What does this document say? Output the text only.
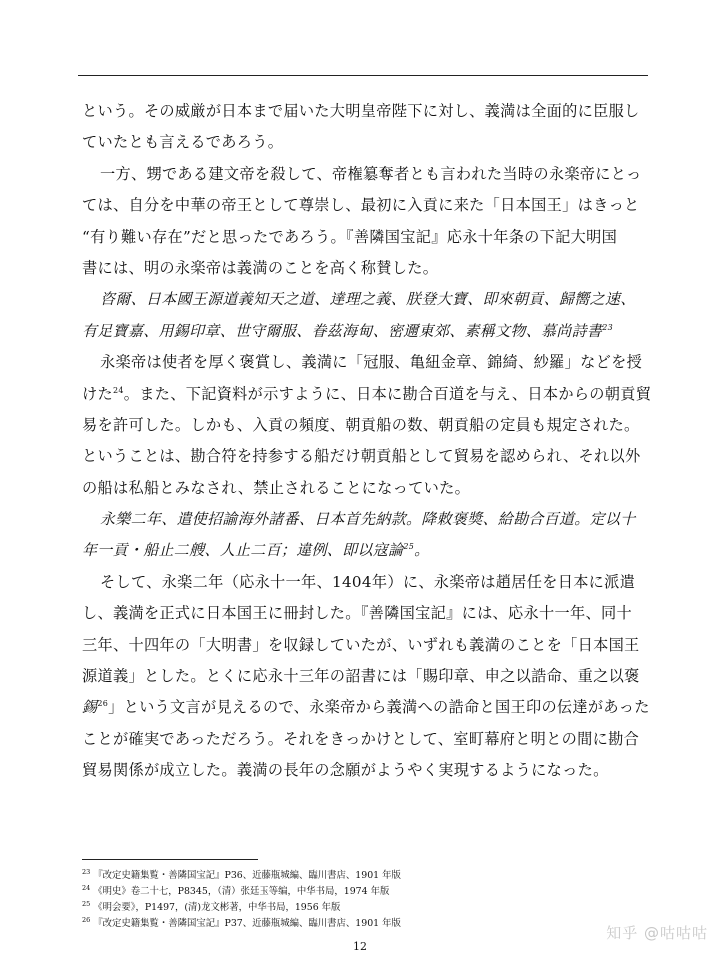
という。その威厳が日本まで届いた大明皇帝陛下に対し、義満は全面的に臣服し
ていたとも言えるであろう。
一方、甥である建文帝を殺して、帝権簒奪者とも言われた当時の永楽帝にとっ
ては、自分を中華の帝王として尊崇し、最初に入貢に来た「日本国王」はきっと
“有り難い存在”だと思ったであろう。『善隣国宝記』応永十年条の下記大明国
書には、明の永楽帝は義満のことを高く称賛した。
咨爾、日本國王源道義知天之道、達理之義、朕登大寶、即來朝貢、歸嚮之速、
有足寶嘉、用錫印章、世守爾服、眷茲海甸、密邇東郊、素稱文物、慕尚詩書$^{23}$
永楽帝は使者を厚く褒賞し、義満に「冠服、亀紐金章、錦綺、紗羅」などを授
けた$^{24}$。また、下記資料が示すように、日本に勘合百道を与え、日本からの朝貢貿
易を許可した。しかも、入貢の頻度、朝貢船の数、朝貢船の定員も規定された。
ということは、勘合符を持参する船だけ朝貢船として貿易を認められ、それ以外
の船は私船とみなされ、禁止されることになっていた。
永樂二年、遣使招諭海外諸番、日本首先納款。降敕褒獎、給勘合百道。定以十
年一貢・船止二艘、人止二百；違例、即以寇論$^{25}$。
そして、永楽二年（応永十一年、1404年）に、永楽帝は趙居任を日本に派遣
し、義満を正式に日本国王に冊封した。『善隣国宝記』には、応永十一年、同十
三年、十四年の「大明書」を収録していたが、いずれも義満のことを「日本国王
源道義」とした。とくに応永十三年の詔書には「賜印章、申之以誥命、重之以褒
錫$^{26}$」という文言が見えるので、永楽帝から義満への誥命と国王印の伝達があった
ことが確実であっただろう。それをきっかけとして、室町幕府と明との間に勘合
貿易関係が成立した。義満の長年の念願がようやく実現するようになった。
$^{23}$ 『改定史籍集覧・善隣国宝記』P36、近藤瓶城編、臨川書店、1901 年版
$^{24}$ 《明史》卷二十七，P8345，（清）张廷玉等编，中华书局，1974 年版
$^{25}$ 《明会要》，P1497，(清)龙文彬著，中华书局，1956 年版
$^{26}$ 『改定史籍集覧・善隣国宝記』P37、近藤瓶城編、臨川書店、1901 年版
12
知乎 @咕咕咕
